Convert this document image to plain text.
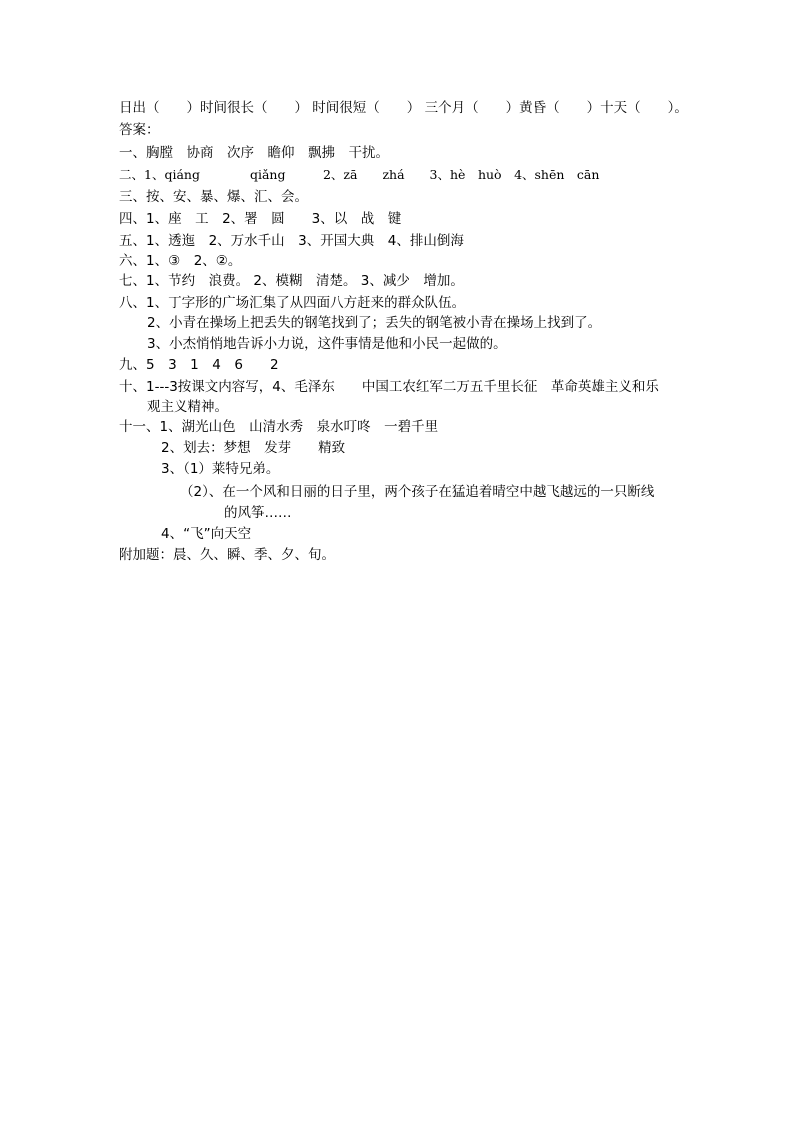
日出（　　）时间很长（　　） 时间很短（　　） 三个月（　　）黄昏（　　）十天（　　）。
答案：
一、胸膛　协商　次序　瞻仰　飘拂　干扰。
二、1、qiáng　　　　qiǎng　　　2、zā　　zhá　　3、hè　huò　4、shēn　cān
三、按、安、暴、爆、汇、会。
四、1、座　工　2、署　圆　　3、以　战　键
五、1、透迤　2、万水千山　3、开国大典　4、排山倒海
六、1、③　2、②。
七、1、节约　浪费。 2、模糊　清楚。 3、减少　增加。
八、1、丁字形的广场汇集了从四面八方赶来的群众队伍。
2、小青在操场上把丢失的钢笔找到了；丢失的钢笔被小青在操场上找到了。
3、小杰悄悄地告诉小力说，这件事情是他和小民一起做的。
九、5　3　1　4　6　　2
十、1---3按课文内容写，4、毛泽东　　中国工农红军二万五千里长征　革命英雄主义和乐
观主义精神。
十一、1、湖光山色　山清水秀　泉水叮咚　一碧千里
2、划去：梦想　发芽　　精致
3、（1）莱特兄弟。
（2）、在一个风和日丽的日子里，两个孩子在猛追着晴空中越飞越远的一只断线
的风筝……
4、“飞”向天空
附加题：晨、久、瞬、季、夕、旬。
